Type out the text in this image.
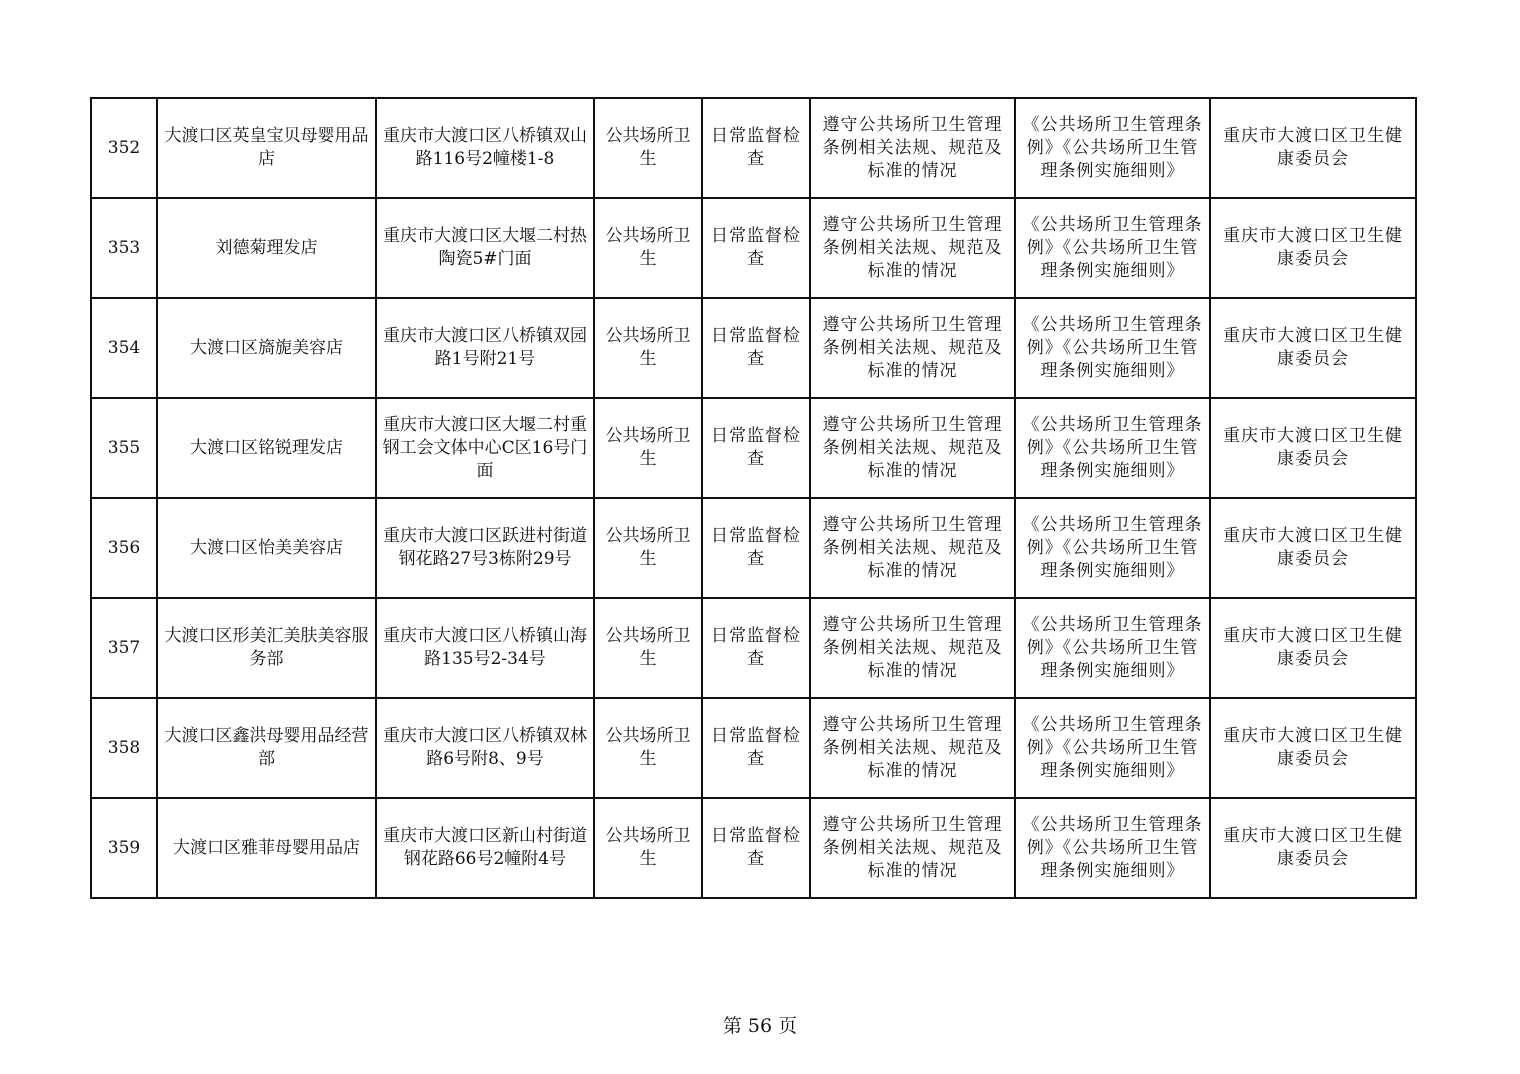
352	大渡口区英皇宝贝母婴用品店	重庆市大渡口区八桥镇双山路116号2幢楼1-8	公共场所卫生	日常监督检查	遵守公共场所卫生管理条例相关法规、规范及标准的情况	《公共场所卫生管理条例》《公共场所卫生管理条例实施细则》	重庆市大渡口区卫生健康委员会
353	刘德菊理发店	重庆市大渡口区大堰二村热陶瓷5#门面	公共场所卫生	日常监督检查	遵守公共场所卫生管理条例相关法规、规范及标准的情况	《公共场所卫生管理条例》《公共场所卫生管理条例实施细则》	重庆市大渡口区卫生健康委员会
354	大渡口区旖旎美容店	重庆市大渡口区八桥镇双园路1号附21号	公共场所卫生	日常监督检查	遵守公共场所卫生管理条例相关法规、规范及标准的情况	《公共场所卫生管理条例》《公共场所卫生管理条例实施细则》	重庆市大渡口区卫生健康委员会
355	大渡口区铭锐理发店	重庆市大渡口区大堰二村重钢工会文体中心C区16号门面	公共场所卫生	日常监督检查	遵守公共场所卫生管理条例相关法规、规范及标准的情况	《公共场所卫生管理条例》《公共场所卫生管理条例实施细则》	重庆市大渡口区卫生健康委员会
356	大渡口区怡美美容店	重庆市大渡口区跃进村街道钢花路27号3栋附29号	公共场所卫生	日常监督检查	遵守公共场所卫生管理条例相关法规、规范及标准的情况	《公共场所卫生管理条例》《公共场所卫生管理条例实施细则》	重庆市大渡口区卫生健康委员会
357	大渡口区形美汇美肤美容服务部	重庆市大渡口区八桥镇山海路135号2-34号	公共场所卫生	日常监督检查	遵守公共场所卫生管理条例相关法规、规范及标准的情况	《公共场所卫生管理条例》《公共场所卫生管理条例实施细则》	重庆市大渡口区卫生健康委员会
358	大渡口区鑫洪母婴用品经营部	重庆市大渡口区八桥镇双林路6号附8、9号	公共场所卫生	日常监督检查	遵守公共场所卫生管理条例相关法规、规范及标准的情况	《公共场所卫生管理条例》《公共场所卫生管理条例实施细则》	重庆市大渡口区卫生健康委员会
359	大渡口区雅菲母婴用品店	重庆市大渡口区新山村街道钢花路66号2幢附4号	公共场所卫生	日常监督检查	遵守公共场所卫生管理条例相关法规、规范及标准的情况	《公共场所卫生管理条例》《公共场所卫生管理条例实施细则》	重庆市大渡口区卫生健康委员会
第 56 页
